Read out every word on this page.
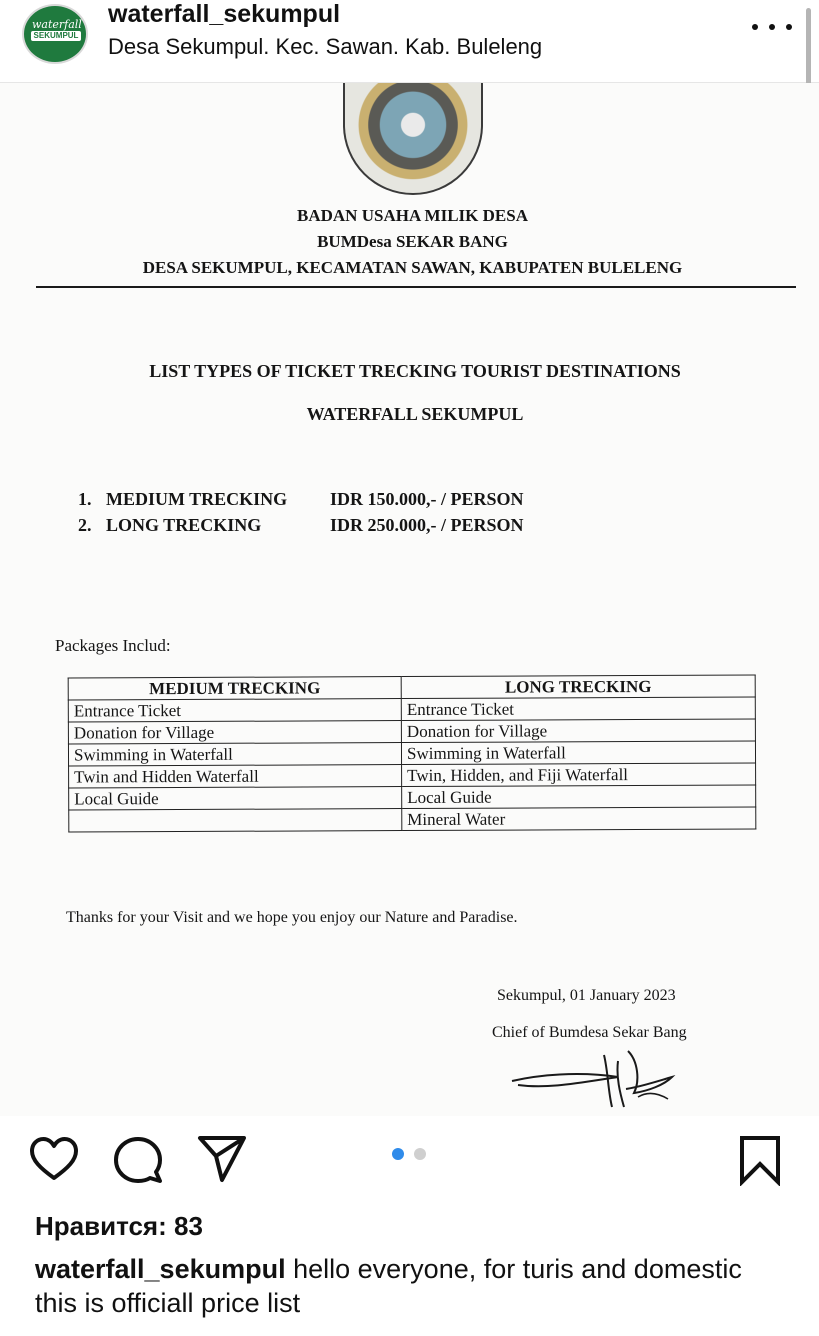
waterfall
SEKUMPUL
waterfall_sekumpul
Desa Sekumpul. Kec. Sawan. Kab. Buleleng
BADAN USAHA MILIK DESA
BUMDesa SEKAR BANG
DESA SEKUMPUL, KECAMATAN SAWAN, KABUPATEN BULELENG
LIST TYPES OF TICKET TRECKING TOURIST DESTINATIONS
WATERFALL SEKUMPUL
1. MEDIUM TRECKING IDR 150.000,- / PERSON
2. LONG TRECKING	IDR 250.000,- / PERSON
Packages Includ:
MEDIUM TRECKING	LONG TRECKING
Entrance Ticket	Entrance Ticket
Donation for Village	Donation for Village
Swimming in Waterfall	Swimming in Waterfall
Twin and Hidden Waterfall	Twin, Hidden, and Fiji Waterfall
Local Guide	Local Guide
	Mineral Water
Thanks for your Visit and we hope you enjoy our Nature and Paradise.
Sekumpul, 01 January 2023
Chief of Bumdesa Sekar Bang
Нравится: 83
waterfall_sekumpul hello everyone, for turis and domestic this is officiall price list
